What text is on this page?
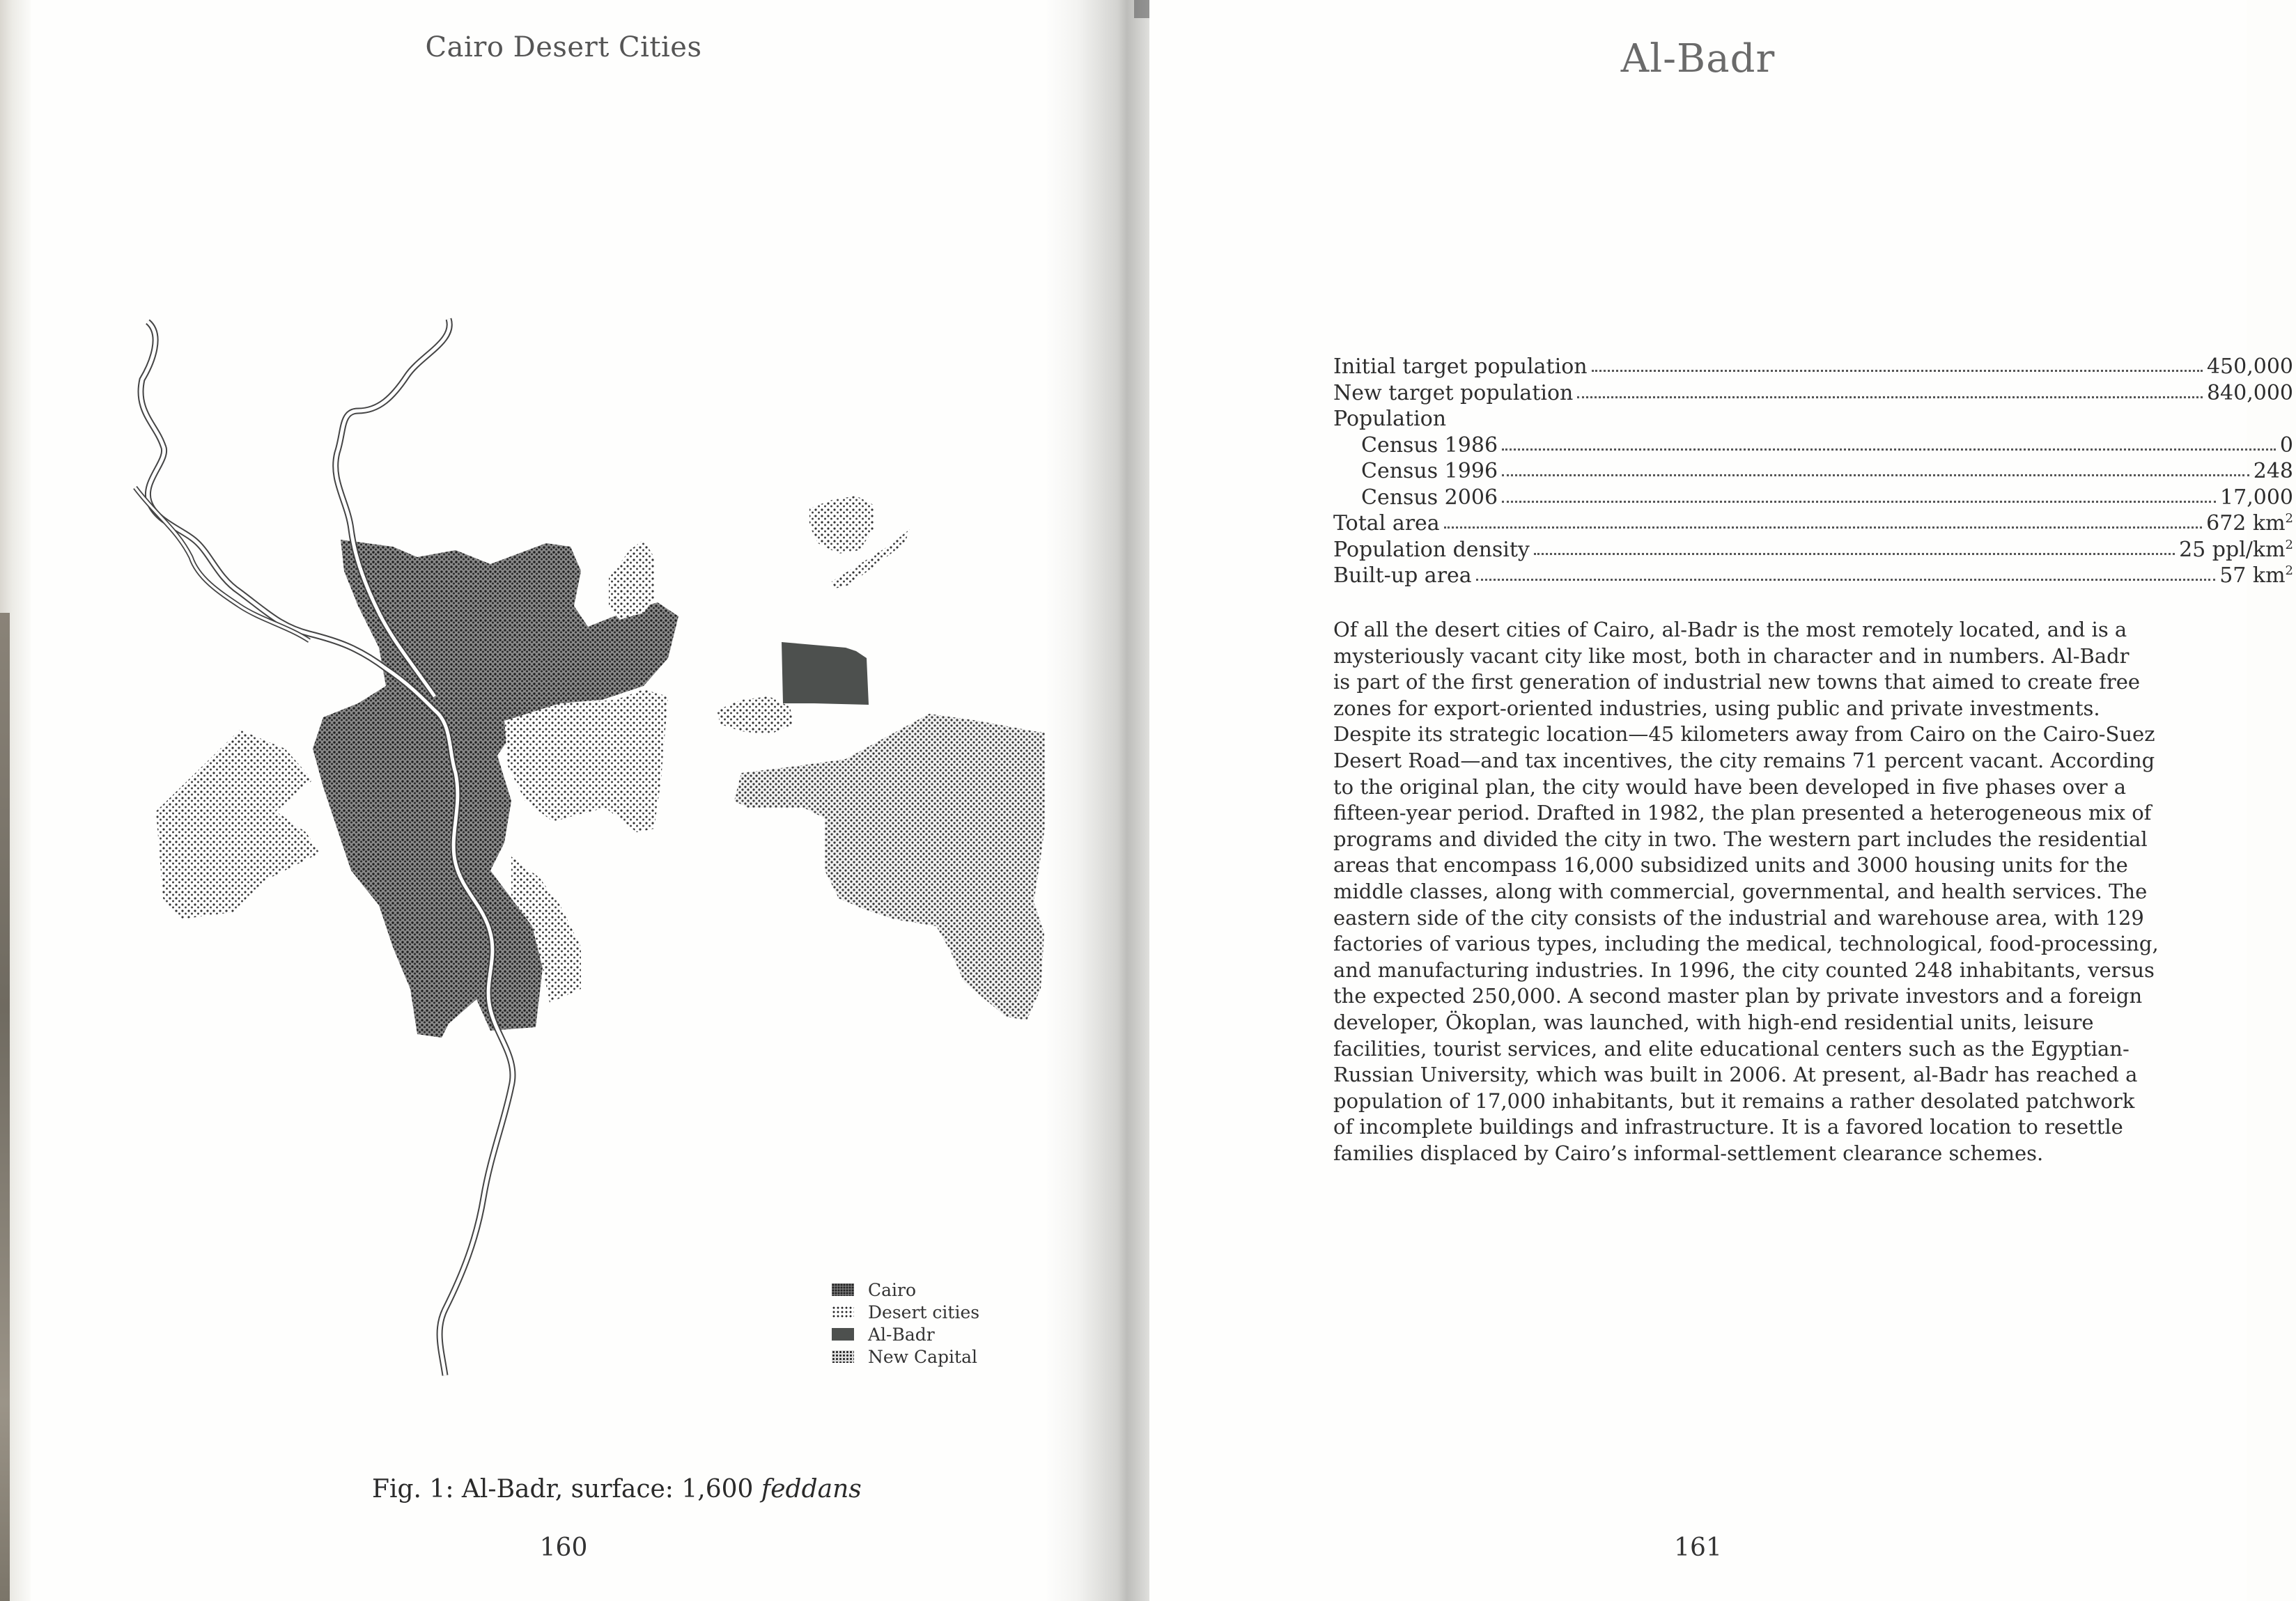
Cairo Desert Cities
Cairo
Desert cities
Al-Badr
New Capital
Fig. 1: Al-Badr, surface: 1,600 feddans
160
Al-Badr
Initial target population	450,000
New target population	840,000
Population
Census 1986	0
Census 1996	248
Census 2006	17,000
Total area	672 $km^2$
Population density	25 ppl/$km^2$
Built-up area	57 $km^2$
Of all the desert cities of Cairo, al-Badr is the most remotely located, and is a
mysteriously vacant city like most, both in character and in numbers. Al-Badr
is part of the first generation of industrial new towns that aimed to create free
zones for export-oriented industries, using public and private investments.
Despite its strategic location—45 kilometers away from Cairo on the Cairo-Suez
Desert Road—and tax incentives, the city remains 71 percent vacant. According
to the original plan, the city would have been developed in five phases over a
fifteen-year period. Drafted in 1982, the plan presented a heterogeneous mix of
programs and divided the city in two. The western part includes the residential
areas that encompass 16,000 subsidized units and 3000 housing units for the
middle classes, along with commercial, governmental, and health services. The
eastern side of the city consists of the industrial and warehouse area, with 129
factories of various types, including the medical, technological, food-processing,
and manufacturing industries. In 1996, the city counted 248 inhabitants, versus
the expected 250,000. A second master plan by private investors and a foreign
developer, Ökoplan, was launched, with high-end residential units, leisure
facilities, tourist services, and elite educational centers such as the Egyptian-
Russian University, which was built in 2006. At present, al-Badr has reached a
population of 17,000 inhabitants, but it remains a rather desolated patchwork
of incomplete buildings and infrastructure. It is a favored location to resettle
families displaced by Cairo’s informal-settlement clearance schemes.
161
